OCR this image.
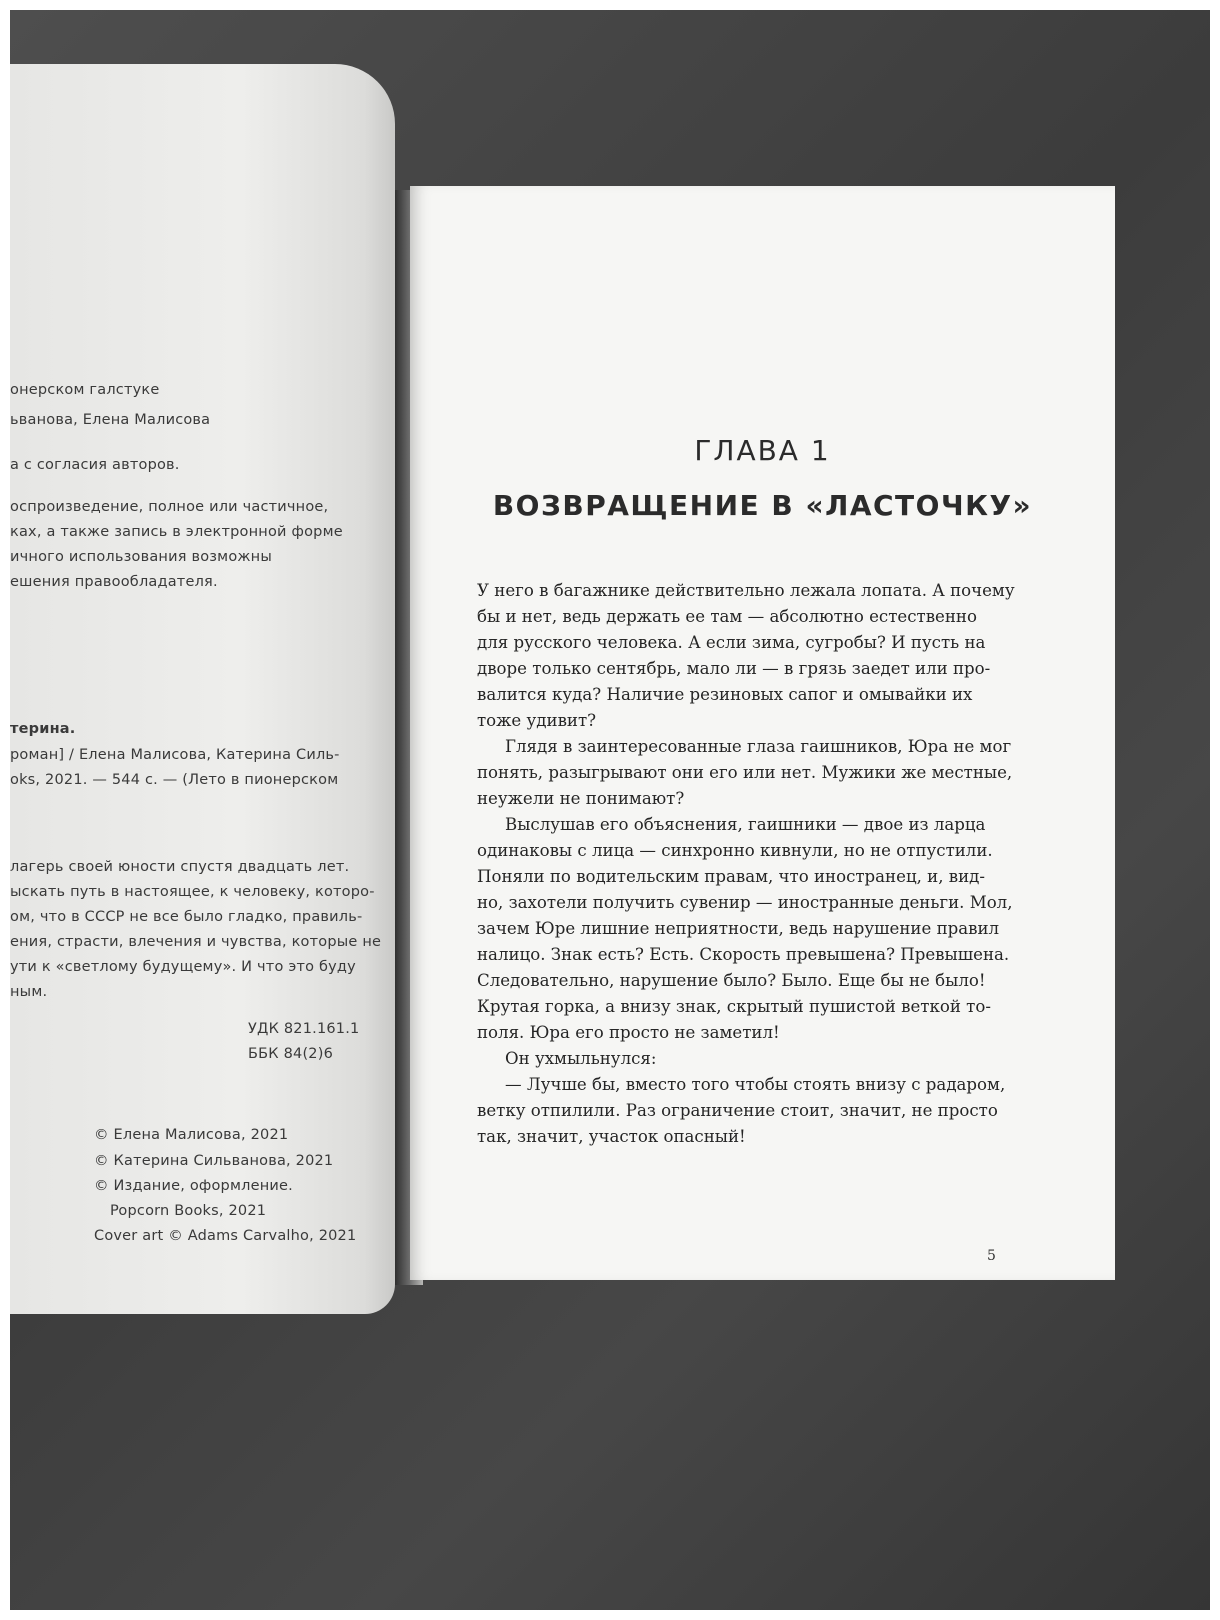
онерском галстуке
ьванова, Елена Малисова
а с согласия авторов.
оспроизведение, полное или частичное,
ках, а также запись в электронной форме
ичного использования возможны
ешения правообладателя.
терина.
роман] / Елена Малисова, Катерина Силь-
oks, 2021. — 544 с. — (Лето в пионерском
лагерь своей юности спустя двадцать лет.
ыскать путь в настоящее, к человеку, которо-
ом, что в СССР не все было гладко, правиль-
ения, страсти, влечения и чувства, которые не
ути к «светлому будущему». И что это буду
ным.
УДК 821.161.1
ББК 84(2)6
© Елена Малисова, 2021
© Катерина Сильванова, 2021
© Издание, оформление.
Popcorn Books, 2021
Cover art © Adams Carvalho, 2021
ГЛАВА 1
ВОЗВРАЩЕНИЕ В «ЛАСТОЧКУ»
У него в багажнике действительно лежала лопата. А почему
бы и нет, ведь держать ее там — абсолютно естественно
для русского человека. А если зима, сугробы? И пусть на
дворе только сентябрь, мало ли — в грязь заедет или про-
валится куда? Наличие резиновых сапог и омывайки их
тоже удивит?
Глядя в заинтересованные глаза гаишников, Юра не мог
понять, разыгрывают они его или нет. Мужики же местные,
неужели не понимают?
Выслушав его объяснения, гаишники — двое из ларца
одинаковы с лица — синхронно кивнули, но не отпустили.
Поняли по водительским правам, что иностранец, и, вид-
но, захотели получить сувенир — иностранные деньги. Мол,
зачем Юре лишние неприятности, ведь нарушение правил
налицо. Знак есть? Есть. Скорость превышена? Превышена.
Следовательно, нарушение было? Было. Еще бы не было!
Крутая горка, а внизу знак, скрытый пушистой веткой то-
поля. Юра его просто не заметил!
Он ухмыльнулся:
— Лучше бы, вместо того чтобы стоять внизу с радаром,
ветку отпилили. Раз ограничение стоит, значит, не просто
так, значит, участок опасный!
5
